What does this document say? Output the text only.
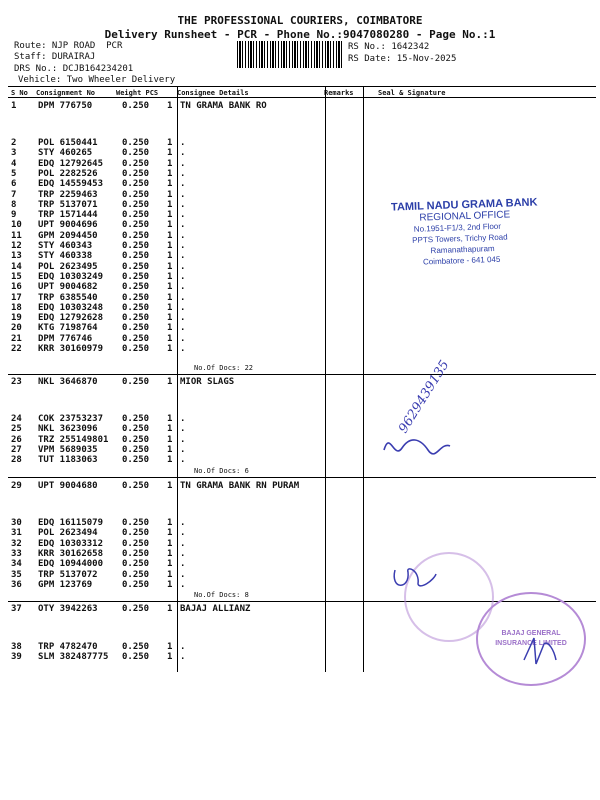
THE PROFESSIONAL COURIERS, COIMBATORE
Delivery Runsheet - PCR - Phone No.:9047080280 - Page No.:1
Route: NJP ROAD  PCR
Staff: DURAIRAJ
DRS No.: DCJB164234201
Vehicle: Two Wheeler Delivery
RS No.: 1642342
RS Date: 15-Nov-2025
S No Consignment No	Weight PCS	Consignee Details	Remarks	Seal & Signature
1 DPM 776750	0.250 1 TN GRAMA BANK RO
2 POL 6150441	0.250 1 .
3 STY 460265	0.250 1 .
4 EDQ 12792645 0.250 1 .
5 POL 2282526	0.250 1 .
6 EDQ 14559453 0.250 1 .
7 TRP 2259463	0.250 1 .
8 TRP 5137071	0.250 1 .
9 TRP 1571444	0.250 1 .
10 UPT 9004696	0.250 1 .
11 GPM 2094450	0.250 1 .
12 STY 460343	0.250 1 .
13 STY 460338	0.250 1 .
14 POL 2623495	0.250 1 .
15 EDQ 10303249 0.250 1 .
16 UPT 9004682	0.250 1 .
17 TRP 6385540	0.250 1 .
18 EDQ 10303248 0.250 1 .
19 EDQ 12792628 0.250 1 .
20 KTG 7198764	0.250 1 .
21 DPM 776746	0.250 1 .
22 KRR 30160979 0.250 1 .
No.Of Docs: 22
23 NKL 3646870	0.250 1 MIOR SLAGS
24 COK 23753237 0.250 1 .
25 NKL 3623096	0.250 1 .
26 TRZ 255149801 0.250 1 .
27 VPM 5689035	0.250 1 .
28 TUT 1183063	0.250 1 .
No.Of Docs: 6
29 UPT 9004680	0.250 1 TN GRAMA BANK RN PURAM
30 EDQ 16115079 0.250 1 .
31 POL 2623494	0.250 1 .
32 EDQ 10303312 0.250 1 .
33 KRR 30162658 0.250 1 .
34 EDQ 10944000 0.250 1 .
35 TRP 5137072	0.250 1 .
36 GPM 123769	0.250 1 .
No.Of Docs: 8
37 OTY 3942263	0.250 1 BAJAJ ALLIANZ
38 TRP 4782470	0.250 1 .
39 SLM 382487775 0.250 1 .
TAMIL NADU GRAMA BANK
REGIONAL OFFICE
No.1951-F1/3, 2nd Floor
PPTS Towers, Trichy Road
Ramanathapuram
Coimbatore - 641 045
9629439135
BAJAJ GENERAL INSURANCE LIMITED
